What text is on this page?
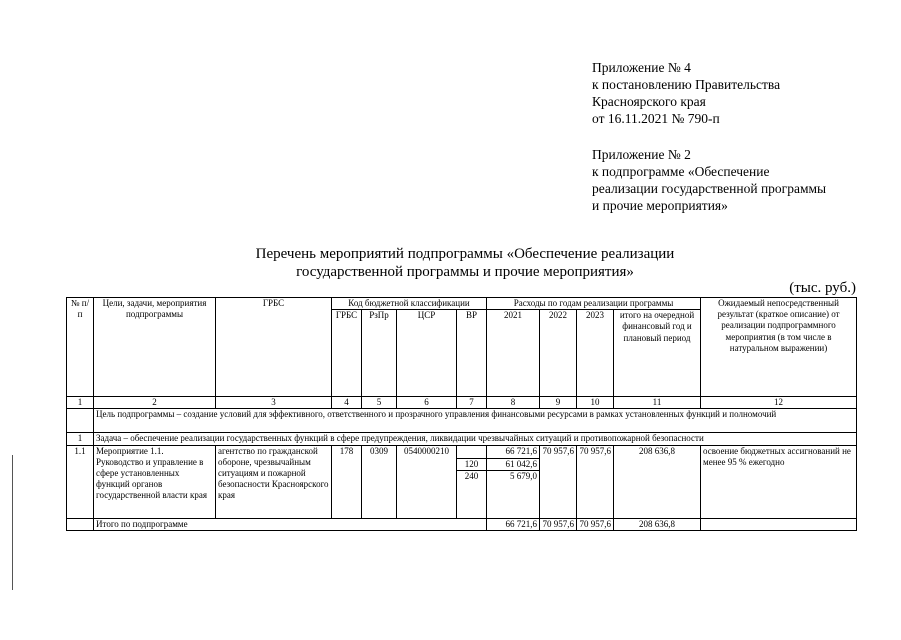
Приложение № 4
к постановлению Правительства
Красноярского края
от 16.11.2021 № 790-п
Приложение № 2
к подпрограмме «Обеспечение
реализации государственной программы
и прочие мероприятия»
Перечень мероприятий подпрограммы «Обеспечение реализации
государственной программы и прочие мероприятия»
(тыс. руб.)
№ п/п	Цели, задачи, мероприятия подпрограммы	ГРБС	Код бюджетной классификации				Расходы по годам реализации программы				Ожидаемый непосредственный результат (краткое описание) от реализации подпрограммного мероприятия (в том числе в натуральном выражении)
			ГРБС	РзПр	ЦСР	ВР	2021	2022	2023	итого на очередной финансовый год и плановый период	
1	2	3	4	5	6	7	8	9	10	11	12
	Цель подпрограммы – создание условий для эффективного, ответственного и прозрачного управления финансовыми ресурсами в рамках установленных функций и полномочий										
1	Задача – обеспечение реализации государственных функций в сфере предупреждения, ликвидации чрезвычайных ситуаций и противопожарной безопасности										
1.1	Мероприятие 1.1. Руководство и управление в сфере установленных функций органов государственной власти края	агентство по гражданской обороне, чрезвычайным ситуациям и пожарной безопасности Красноярского края	178	0309	0540000210		66 721,6	70 957,6	70 957,6	208 636,8	освоение бюджетных ассигнований не менее 95 % ежегодно
						120	61 042,6				
						240	5 679,0				
	Итого по подпрограмме						66 721,6	70 957,6	70 957,6	208 636,8	
